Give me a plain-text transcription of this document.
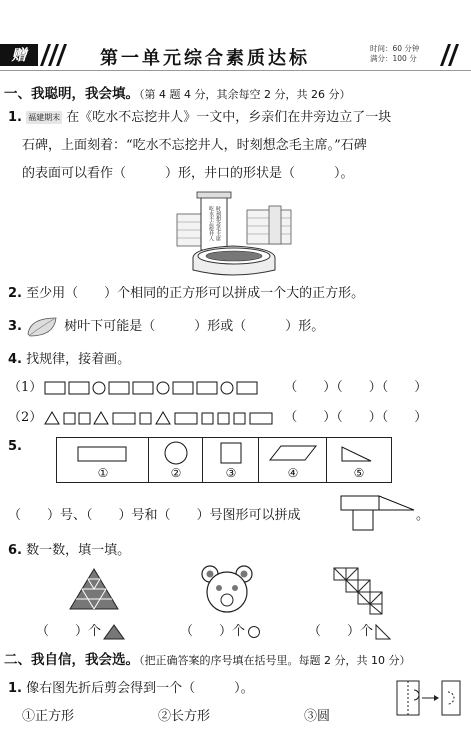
赠	第一单元综合素质达标	时间：60 分钟
满分：100 分
一、我聪明，我会填。（第 4 题 4 分，其余每空 2 分，共 26 分）
1. 福建期末 在《吃水不忘挖井人》一文中，乡亲们在井旁边立了一块
石碑，上面刻着：“吃水不忘挖井人，时刻想念毛主席。”石碑
的表面可以看作（　　　）形，井口的形状是（　　　）。
吃水不忘挖井人 时刻想念毛主席
2. 至少用（　　）个相同的正方形可以拼成一个大的正方形。
3.	树叶下可能是（　　　）形或（　　　）形。
4. 找规律，接着画。
（1）	（　　）（　　）（　　）
（2）	（　　）（　　）（　　）
5.
①	②	③	④	⑤
（　　）号、（　　）号和（　　）号图形可以拼成	。
6. 数一数，填一填。
（　　）个	（　　）个	（　　）个
二、我自信，我会选。（把正确答案的序号填在括号里。每题 2 分，共 10 分）
1. 像右图先折后剪会得到一个（　　　）。
①正方形	②长方形	③圆
